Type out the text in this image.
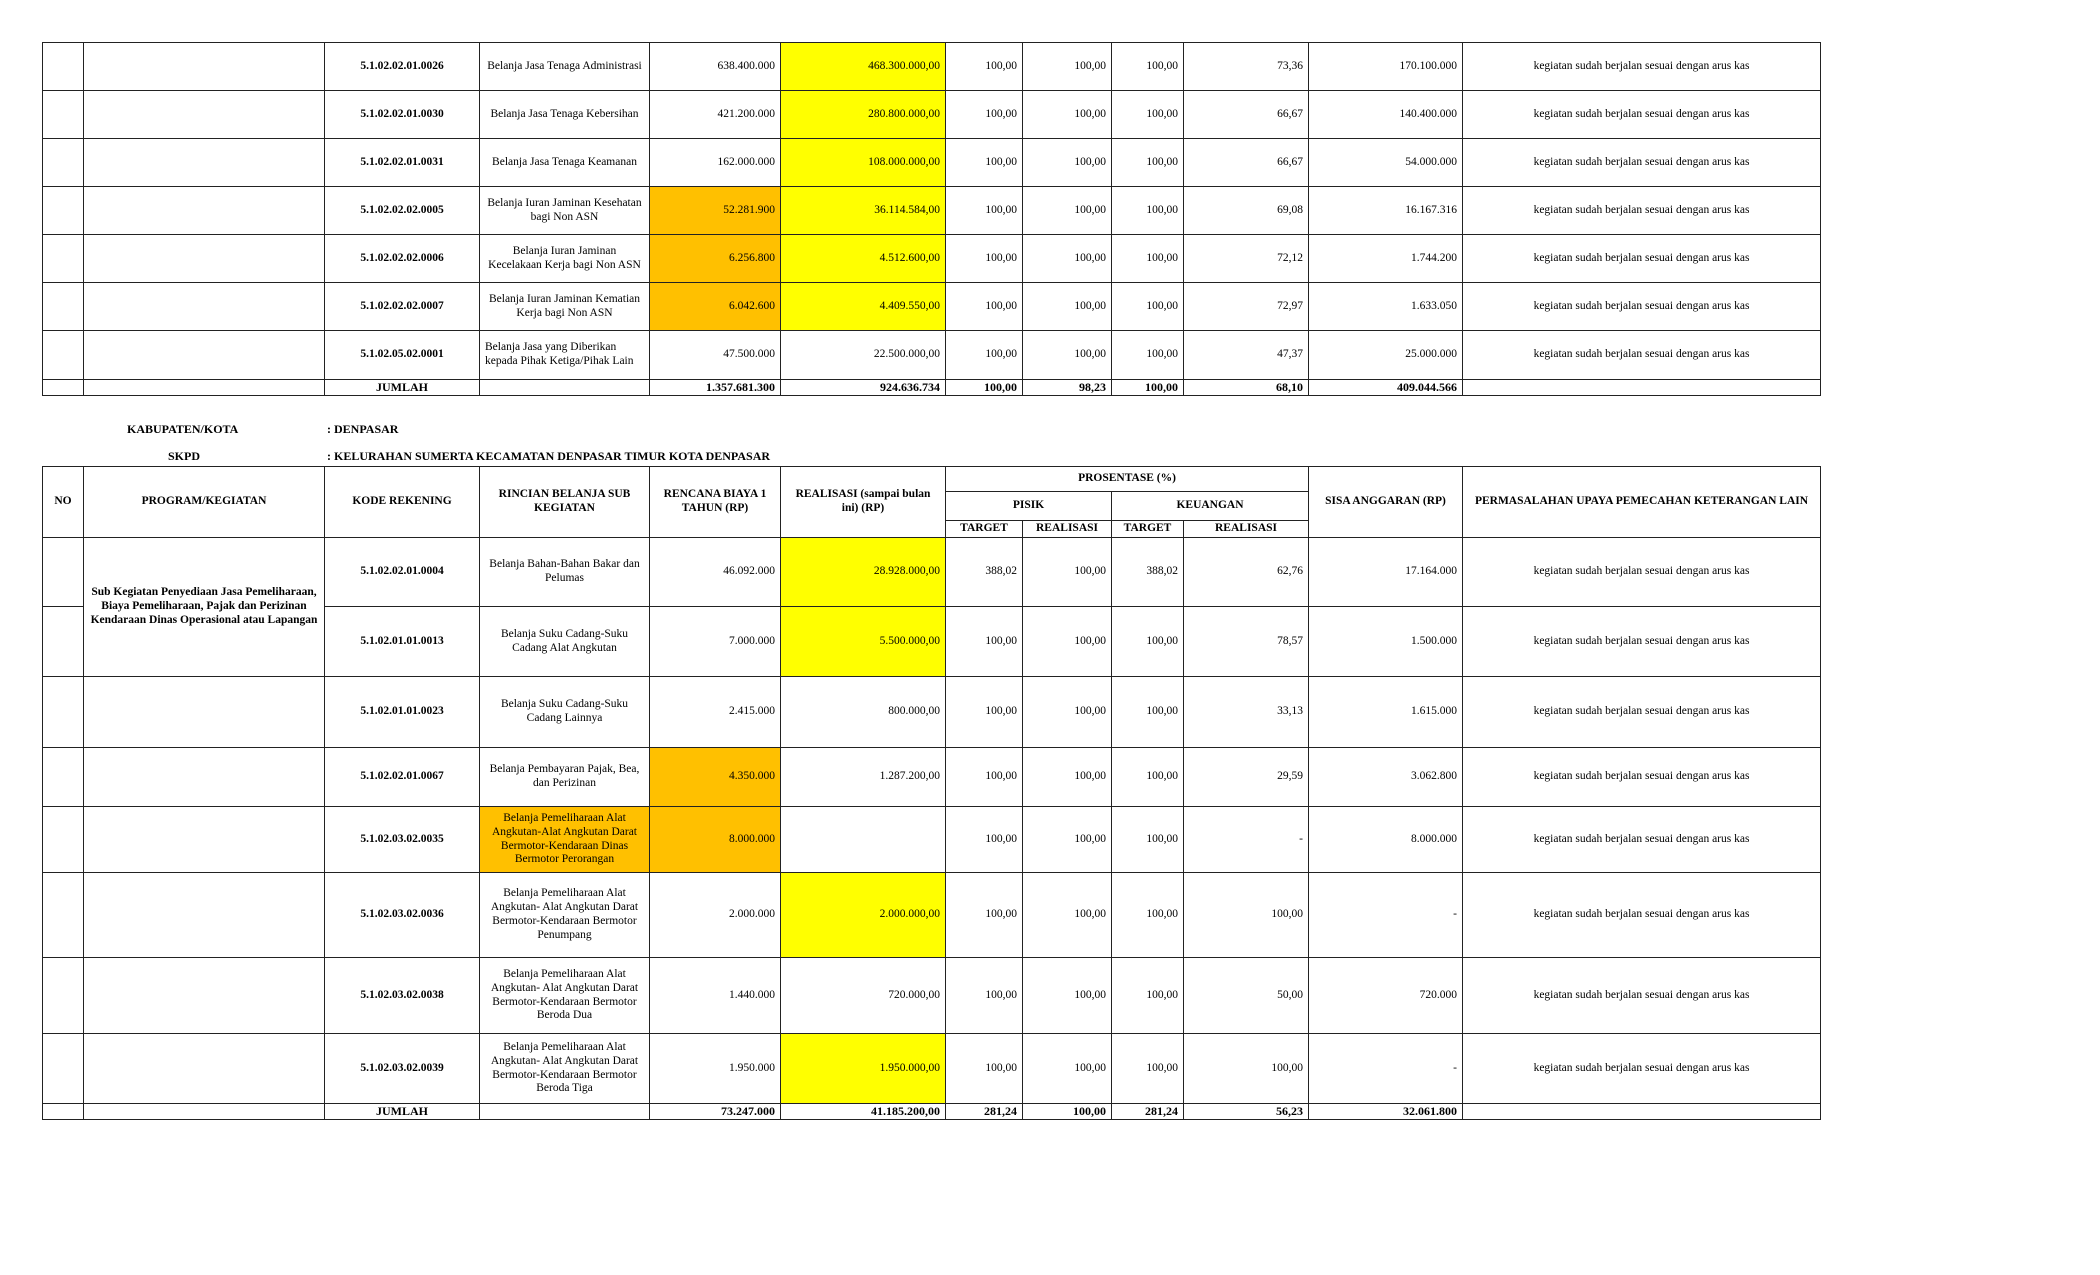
		5.1.02.02.01.0026	Belanja Jasa Tenaga Administrasi	638.400.000	468.300.000,00	100,00	100,00	100,00	73,36	170.100.000	kegiatan sudah berjalan sesuai dengan arus kas
		5.1.02.02.01.0030	Belanja Jasa Tenaga Kebersihan	421.200.000	280.800.000,00	100,00	100,00	100,00	66,67	140.400.000	kegiatan sudah berjalan sesuai dengan arus kas
		5.1.02.02.01.0031	Belanja Jasa Tenaga Keamanan	162.000.000	108.000.000,00	100,00	100,00	100,00	66,67	54.000.000	kegiatan sudah berjalan sesuai dengan arus kas
		5.1.02.02.02.0005	Belanja Iuran Jaminan Kesehatan bagi Non ASN	52.281.900	36.114.584,00	100,00	100,00	100,00	69,08	16.167.316	kegiatan sudah berjalan sesuai dengan arus kas
		5.1.02.02.02.0006	Belanja Iuran Jaminan Kecelakaan Kerja bagi Non ASN	6.256.800	4.512.600,00	100,00	100,00	100,00	72,12	1.744.200	kegiatan sudah berjalan sesuai dengan arus kas
		5.1.02.02.02.0007	Belanja Iuran Jaminan Kematian Kerja bagi Non ASN	6.042.600	4.409.550,00	100,00	100,00	100,00	72,97	1.633.050	kegiatan sudah berjalan sesuai dengan arus kas
		5.1.02.05.02.0001	Belanja Jasa yang Diberikan kepada Pihak Ketiga/Pihak Lain	47.500.000	22.500.000,00	100,00	100,00	100,00	47,37	25.000.000	kegiatan sudah berjalan sesuai dengan arus kas
		JUMLAH		1.357.681.300	924.636.734	100,00	98,23	100,00	68,10	409.044.566	
KABUPATEN/KOTA	: DENPASAR
SKPD	: KELURAHAN SUMERTA KECAMATAN DENPASAR TIMUR KOTA DENPASAR
NO	PROGRAM/KEGIATAN	KODE REKENING	RINCIAN BELANJA SUB KEGIATAN	RENCANA BIAYA 1 TAHUN (RP)	REALISASI (sampai bulan ini) (RP)	PROSENTASE (%)				SISA ANGGARAN (RP)	PERMASALAHAN UPAYA PEMECAHAN KETERANGAN LAIN
						PISIK		KEUANGAN			
						TARGET	REALISASI	TARGET	REALISASI		
	Sub Kegiatan Penyediaan Jasa Pemeliharaan, Biaya Pemeliharaan, Pajak dan Perizinan Kendaraan Dinas Operasional atau Lapangan	5.1.02.02.01.0004	Belanja Bahan-Bahan Bakar dan Pelumas	46.092.000	28.928.000,00	388,02	100,00	388,02	62,76	17.164.000	kegiatan sudah berjalan sesuai dengan arus kas
		5.1.02.01.01.0013	Belanja Suku Cadang-Suku Cadang Alat Angkutan	7.000.000	5.500.000,00	100,00	100,00	100,00	78,57	1.500.000	kegiatan sudah berjalan sesuai dengan arus kas
		5.1.02.01.01.0023	Belanja Suku Cadang-Suku Cadang Lainnya	2.415.000	800.000,00	100,00	100,00	100,00	33,13	1.615.000	kegiatan sudah berjalan sesuai dengan arus kas
		5.1.02.02.01.0067	Belanja Pembayaran Pajak, Bea, dan Perizinan	4.350.000	1.287.200,00	100,00	100,00	100,00	29,59	3.062.800	kegiatan sudah berjalan sesuai dengan arus kas
		5.1.02.03.02.0035	Belanja Pemeliharaan Alat Angkutan-Alat Angkutan Darat Bermotor-Kendaraan Dinas Bermotor Perorangan	8.000.000		100,00	100,00	100,00	-	8.000.000	kegiatan sudah berjalan sesuai dengan arus kas
		5.1.02.03.02.0036	Belanja Pemeliharaan Alat Angkutan- Alat Angkutan Darat Bermotor-Kendaraan Bermotor Penumpang	2.000.000	2.000.000,00	100,00	100,00	100,00	100,00	-	kegiatan sudah berjalan sesuai dengan arus kas
		5.1.02.03.02.0038	Belanja Pemeliharaan Alat Angkutan- Alat Angkutan Darat Bermotor-Kendaraan Bermotor Beroda Dua	1.440.000	720.000,00	100,00	100,00	100,00	50,00	720.000	kegiatan sudah berjalan sesuai dengan arus kas
		5.1.02.03.02.0039	Belanja Pemeliharaan Alat Angkutan- Alat Angkutan Darat Bermotor-Kendaraan Bermotor Beroda Tiga	1.950.000	1.950.000,00	100,00	100,00	100,00	100,00	-	kegiatan sudah berjalan sesuai dengan arus kas
		JUMLAH		73.247.000	41.185.200,00	281,24	100,00	281,24	56,23	32.061.800	
